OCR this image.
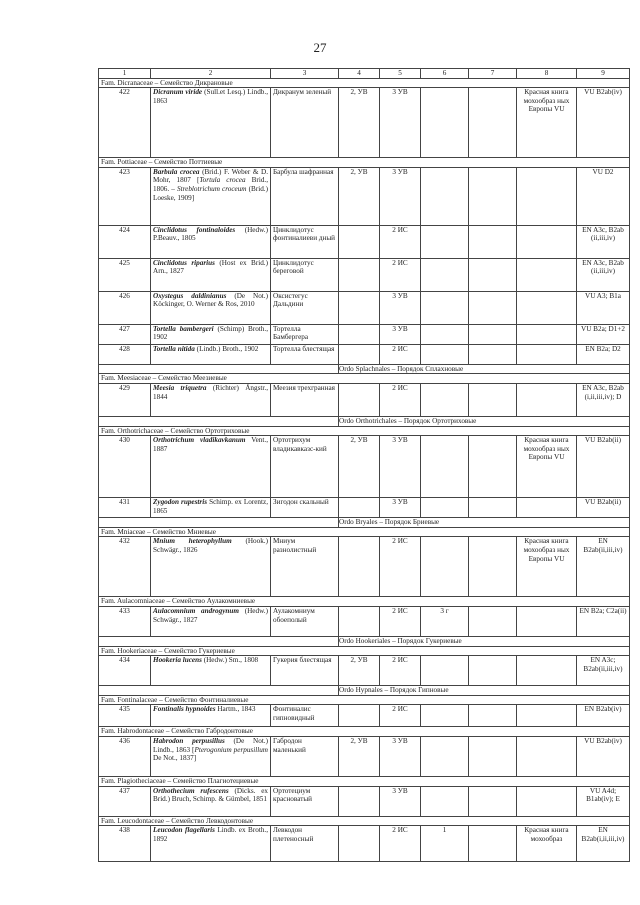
27
1	2	3	4	5	6	7	8	9
Fam. Dicranaceae – Семейство Дикрановые								
422	Dicranum viride (Sull.et Lesq.) Lindb., 1863	Дикранум зеленый	2, УВ	3 УВ			Красная книга мохообраз ных Европы VU	VU B2ab(iv)
Fam. Pottiaceae – Семейство Поттиевые								
423	Barbula crocea (Brid.) F. Weber & D. Mohr, 1807 [Tortula crocea Brid., 1806. – Streblotrichum croceum (Brid.) Loeske, 1909]	Барбула шафранная	2, УВ	3 УВ				VU D2
424	Cinclidotus fontinaloides (Hedw.) P.Beauv., 1805	Цинклидотус фонтиналиеви дный		2 ИС				EN A3c, B2ab (ii,iii,iv)
425	Cinclidotus riparius (Host ex Brid.) Arn., 1827	Цинклидотус береговой		2 ИС				EN A3c, B2ab (ii,iii,iv)
426	Oxystegus daldinianus (De Not.) Köckinger, O. Werner & Ros, 2010	Оксистегус Дальдини		3 УВ				VU A3; B1a
427	Tortella bambergeri (Schimp) Broth., 1902	Тортелла Бамбергера		3 УВ				VU B2a; D1+2
428	Tortella nitida (Lindb.) Broth., 1902	Тортелла блестящая		2 ИС				EN B2a; D2
			Ordo Splachnales – Порядок Сплахновые					
Fam. Meesiaceae – Семейство Меезиевые								
429	Meesia triquetra (Richter) Ångstr., 1844	Меезия трехгранная		2 ИС				EN A3c, B2ab (i,ii,iii,iv); D
			Ordo Orthotrichales – Порядок Ортотриховые					
Fam. Orthotrichaceae – Семейство Ортотриховые								
430	Orthotrichum vladikavkanum Vent., 1887	Ортотрихум владикавказс-кий	2, УВ	3 УВ			Красная книга мохообраз ных Европы VU	VU B2ab(ii)
431	Zygodon rupestris Schimp. ex Lorentz, 1865	Зигодон скальный		3 УВ				VU B2ab(ii)
			Ordo Bryales – Порядок Бриевые					
Fam. Mniaceae – Семейство Мниевые								
432	Mnium heterophyllum (Hook.) Schwägr., 1826	Мниум разнолистный		2 ИС			Красная книга мохообраз ных Европы VU	EN B2ab(ii,iii,iv)
Fam. Aulacomniaceae – Семейство Аулакомниевые								
433	Aulacomnium androgynum (Hedw.) Schwägr., 1827	Аулакомниум обоеполый		2 ИС	3 г			EN B2a; C2a(ii)
			Ordo Hookeriales – Порядок Гукериевые					
Fam. Hookeriaceae – Семейство Гукериевые								
434	Hookeria lucens (Hedw.) Sm., 1808	Гукерия блестящая	2, УВ	2 ИС				EN A3c; B2ab(ii,iii,iv)
			Ordo Hypnales – Порядок Гипновые					
Fam. Fontinalaceae – Семейство Фонтиналиевые								
435	Fontinalis hypnoides Hartm., 1843	Фонтиналис гипновидный		2 ИС				EN B2ab(iv)
Fam. Habrodontaceae – Семейство Габродонтовые								
436	Habrodon perpusillus (De Not.) Lindb., 1863 [Pterogonium perpusillum De Not., 1837]	Габродон маленький	2, УВ	3 УВ				VU B2ab(iv)
Fam. Plagiotheciaceae – Семейство Плагиотециевые								
437	Orthothecium rufescens (Dicks. ex Brid.) Bruch, Schimp. & Gümbel, 1851	Ортотециум красноватый		3 УВ				VU A4d; B1ab(iv); E
Fam. Leucodontaceae – Семейство Левкодонтовые								
438	Leucodon flagellaris Lindb. ex Broth., 1892	Левкодон плетеносный		2 ИС	1		Красная книга мохообраз	EN B2ab(i,ii,iii,iv)
